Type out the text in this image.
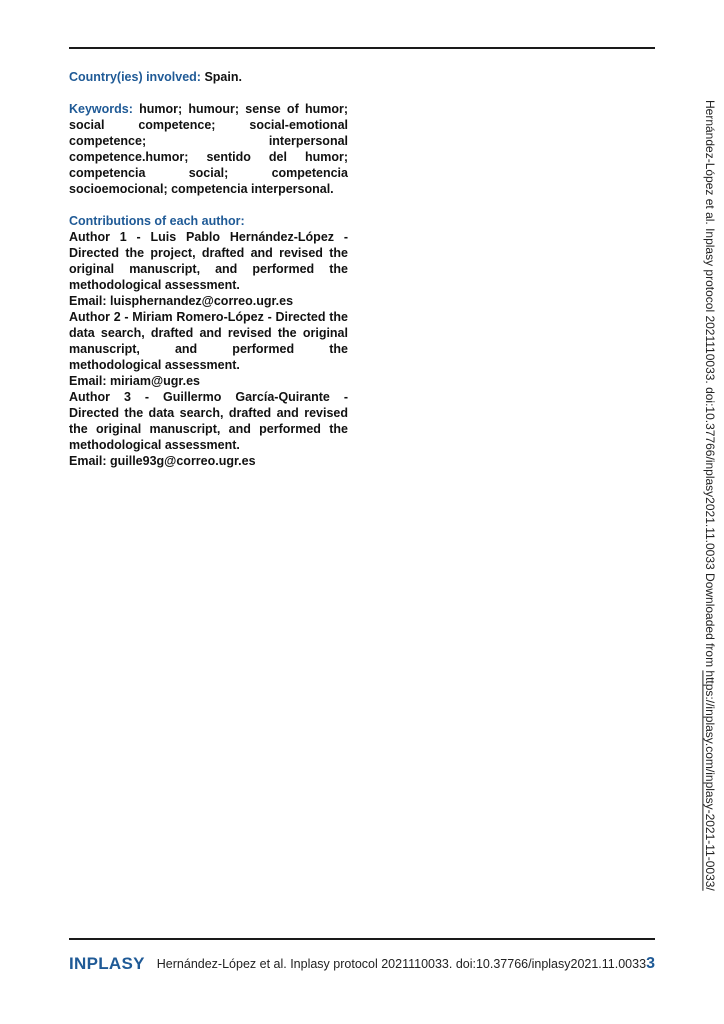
Country(ies) involved: Spain.

Keywords: humor; humour; sense of humor; social competence; social-emotional competence; interpersonal competence.humor; sentido del humor; competencia social; competencia socioemocional; competencia interpersonal.

Contributions of each author:

Author 1 - Luis Pablo Hernández-López - Directed the project, drafted and revised the original manuscript, and performed the methodological assessment.

Email: luisphernandez@correo.ugr.es

Author 2 - Miriam Romero-López - Directed the data search, drafted and revised the original manuscript, and performed the methodological assessment.

Email: miriam@ugr.es

Author 3 - Guillermo García-Quirante - Directed the data search, drafted and revised the original manuscript, and performed the methodological assessment.

Email: guille93g@correo.ugr.es	Hernández-López et al. Inplasy protocol 2021110033. doi:10.37766/inplasy2021.11.0033 Downloaded from https://inplasy.com/inplasy-2021-11-0033/
INPLASY Hernández-López et al. Inplasy protocol 2021110033. doi:10.37766/inplasy2021.11.0033 3
